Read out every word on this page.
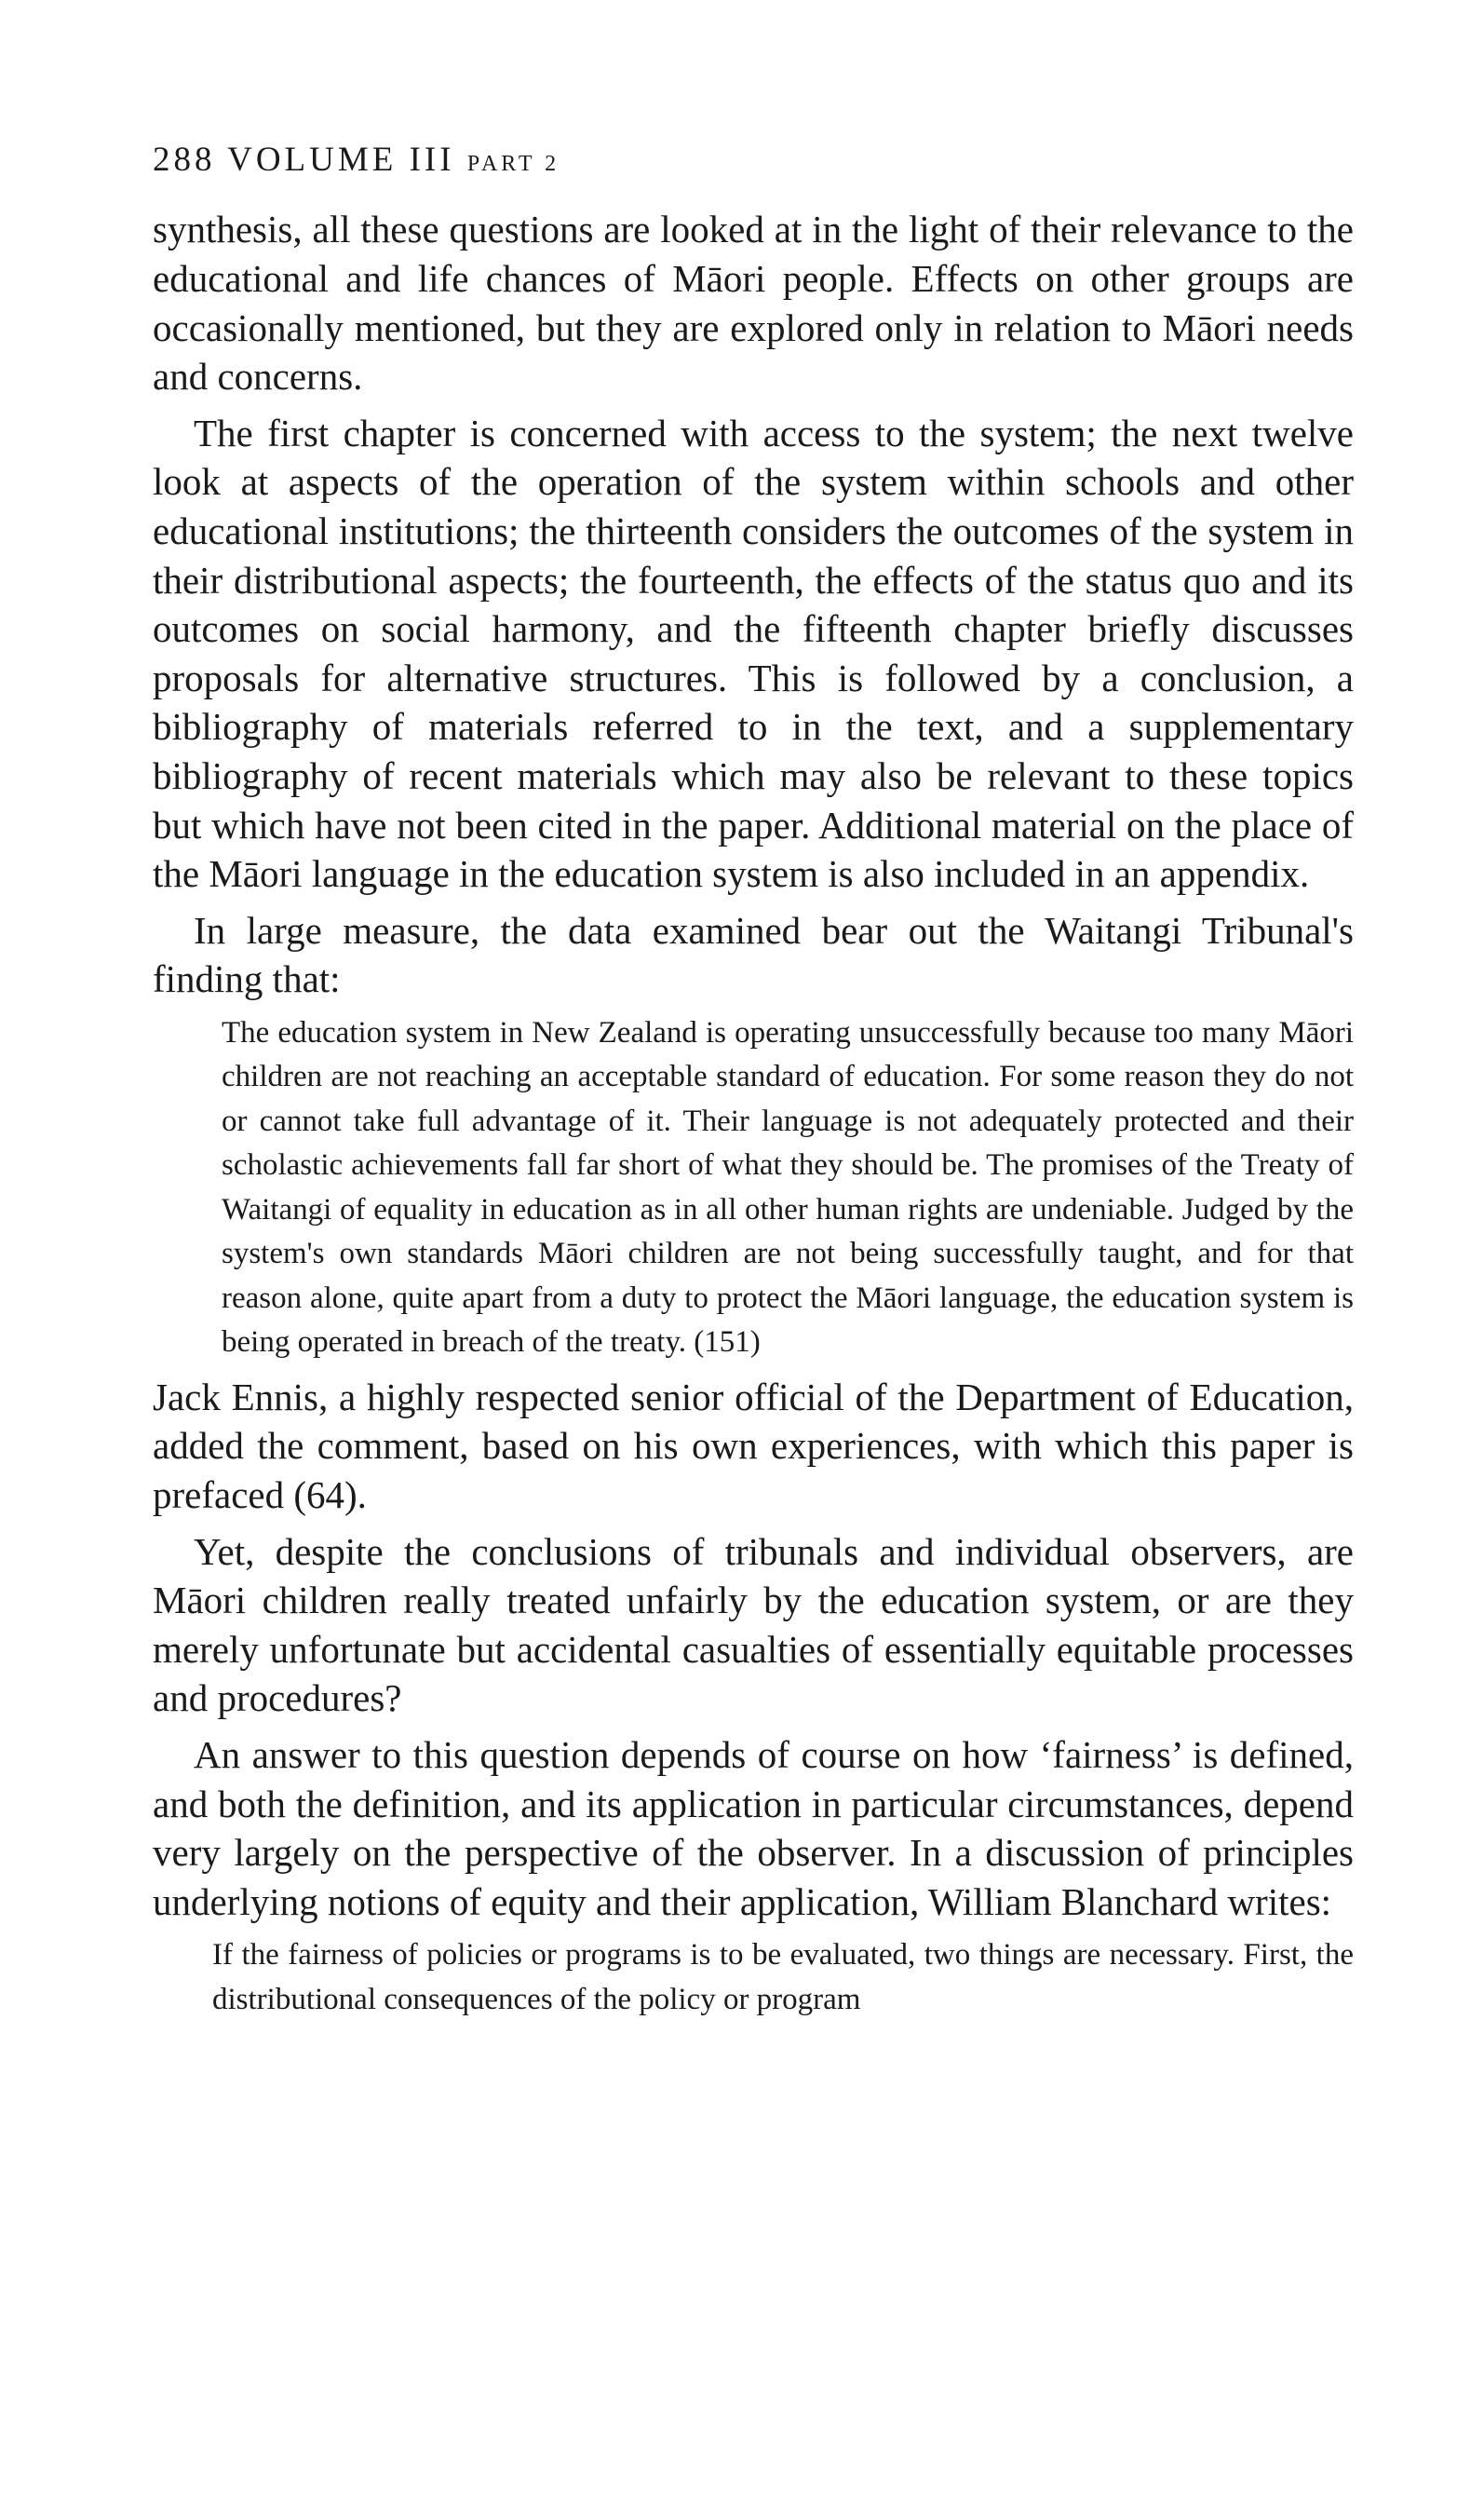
288 VOLUME III PART 2

synthesis, all these questions are looked at in the light of their relevance to the educational and life chances of Māori people. Effects on other groups are occasionally mentioned, but they are explored only in relation to Māori needs and concerns.

The first chapter is concerned with access to the system; the next twelve look at aspects of the operation of the system within schools and other educational institutions; the thirteenth considers the outcomes of the system in their distributional aspects; the fourteenth, the effects of the status quo and its outcomes on social harmony, and the fifteenth chapter briefly discusses proposals for alternative structures. This is followed by a conclusion, a bibliography of materials referred to in the text, and a supplementary bibliography of recent materials which may also be relevant to these topics but which have not been cited in the paper. Additional material on the place of the Māori language in the education system is also included in an appendix.

In large measure, the data examined bear out the Waitangi Tribunal's finding that:

The education system in New Zealand is operating unsuccessfully because too many Māori children are not reaching an acceptable standard of education. For some reason they do not or cannot take full advantage of it. Their language is not adequately protected and their scholastic achievements fall far short of what they should be. The promises of the Treaty of Waitangi of equality in education as in all other human rights are undeniable. Judged by the system's own standards Māori children are not being successfully taught, and for that reason alone, quite apart from a duty to protect the Māori language, the education system is being operated in breach of the treaty. (151)

Jack Ennis, a highly respected senior official of the Department of Education, added the comment, based on his own experiences, with which this paper is prefaced (64).

Yet, despite the conclusions of tribunals and individual observers, are Māori children really treated unfairly by the education system, or are they merely unfortunate but accidental casualties of essentially equitable processes and procedures?

An answer to this question depends of course on how ‘fairness’ is defined, and both the definition, and its application in particular circumstances, depend very largely on the perspective of the observer. In a discussion of principles underlying notions of equity and their application, William Blanchard writes:

If the fairness of policies or programs is to be evaluated, two things are necessary. First, the distributional consequences of the policy or program
